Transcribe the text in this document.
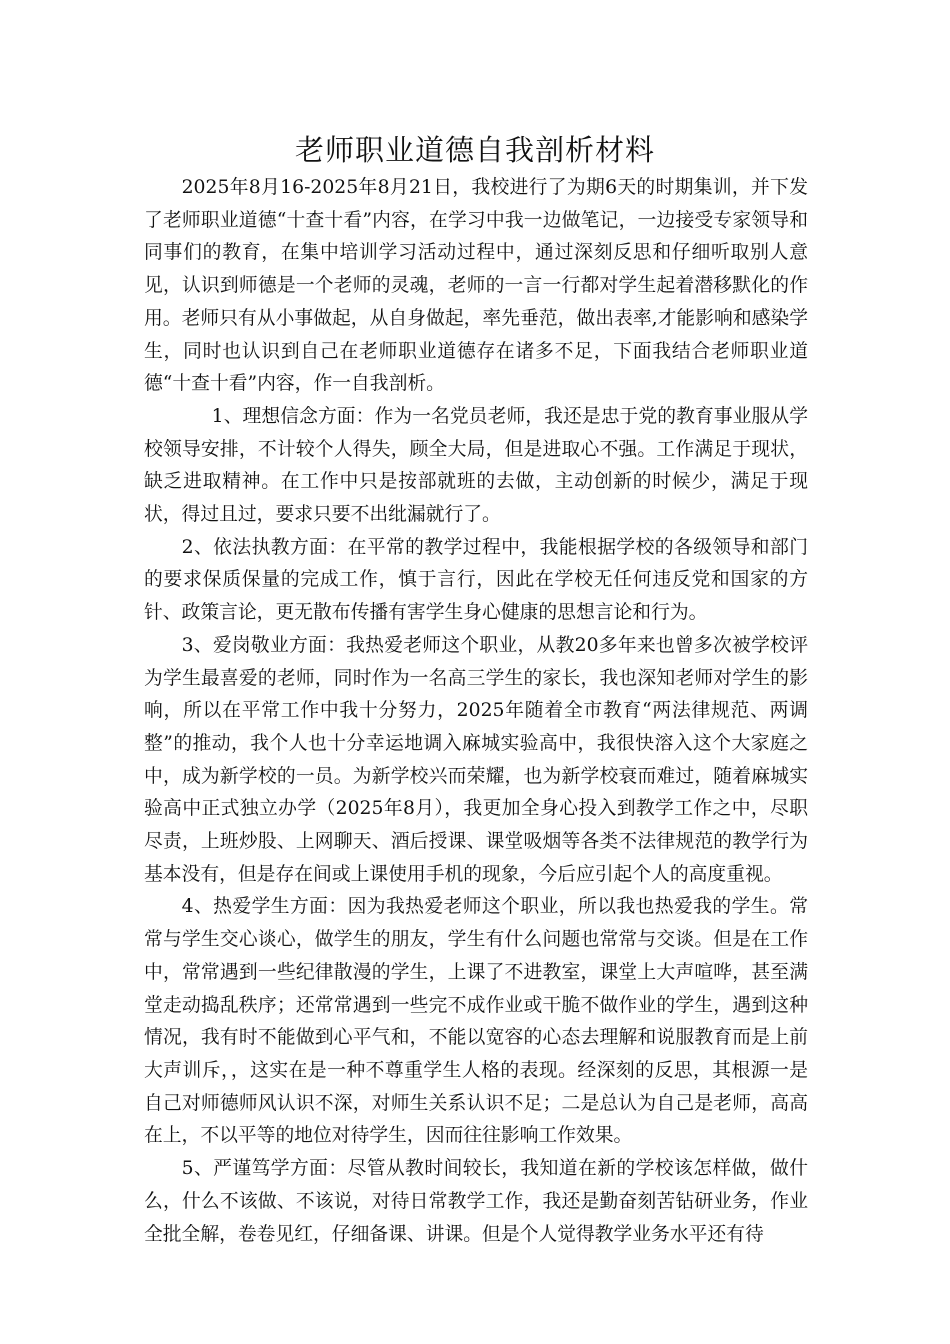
老师职业道德自我剖析材料

2025年8月16-2025年8月21日，我校进行了为期6天的时期集训，并下发了老师职业道德“十查十看”内容，在学习中我一边做笔记，一边接受专家领导和同事们的教育，在集中培训学习活动过程中，通过深刻反思和仔细听取别人意见，认识到师德是一个老师的灵魂，老师的一言一行都对学生起着潜移默化的作用。老师只有从小事做起，从自身做起，率先垂范，做出表率,才能影响和感染学生，同时也认识到自己在老师职业道德存在诸多不足，下面我结合老师职业道德“十查十看”内容，作一自我剖析。

1、理想信念方面：作为一名党员老师，我还是忠于党的教育事业服从学校领导安排，不计较个人得失，顾全大局，但是进取心不强。工作满足于现状，缺乏进取精神。在工作中只是按部就班的去做，主动创新的时候少，满足于现状，得过且过，要求只要不出纰漏就行了。

2、依法执教方面：在平常的教学过程中，我能根据学校的各级领导和部门的要求保质保量的完成工作，慎于言行，因此在学校无任何违反党和国家的方针、政策言论，更无散布传播有害学生身心健康的思想言论和行为。

3、爱岗敬业方面：我热爱老师这个职业，从教20多年来也曾多次被学校评为学生最喜爱的老师，同时作为一名高三学生的家长，我也深知老师对学生的影响，所以在平常工作中我十分努力，2025年随着全市教育“两法律规范、两调整”的推动，我个人也十分幸运地调入麻城实验高中，我很快溶入这个大家庭之中，成为新学校的一员。为新学校兴而荣耀，也为新学校衰而难过，随着麻城实验高中正式独立办学（2025年8月），我更加全身心投入到教学工作之中，尽职尽责，上班炒股、上网聊天、酒后授课、课堂吸烟等各类不法律规范的教学行为基本没有，但是存在间或上课使用手机的现象，今后应引起个人的高度重视。

4、热爱学生方面：因为我热爱老师这个职业，所以我也热爱我的学生。常常与学生交心谈心，做学生的朋友，学生有什么问题也常常与交谈。但是在工作中，常常遇到一些纪律散漫的学生，上课了不进教室，课堂上大声喧哗，甚至满堂走动捣乱秩序；还常常遇到一些完不成作业或干脆不做作业的学生，遇到这种情况，我有时不能做到心平气和，不能以宽容的心态去理解和说服教育而是上前大声训斥，，这实在是一种不尊重学生人格的表现。经深刻的反思，其根源一是自己对师德师风认识不深，对师生关系认识不足；二是总认为自己是老师，高高在上，不以平等的地位对待学生，因而往往影响工作效果。

5、严谨笃学方面：尽管从教时间较长，我知道在新的学校该怎样做，做什么，什么不该做、不该说，对待日常教学工作，我还是勤奋刻苦钻研业务，作业全批全解，卷卷见红，仔细备课、讲课。但是个人觉得教学业务水平还有待
